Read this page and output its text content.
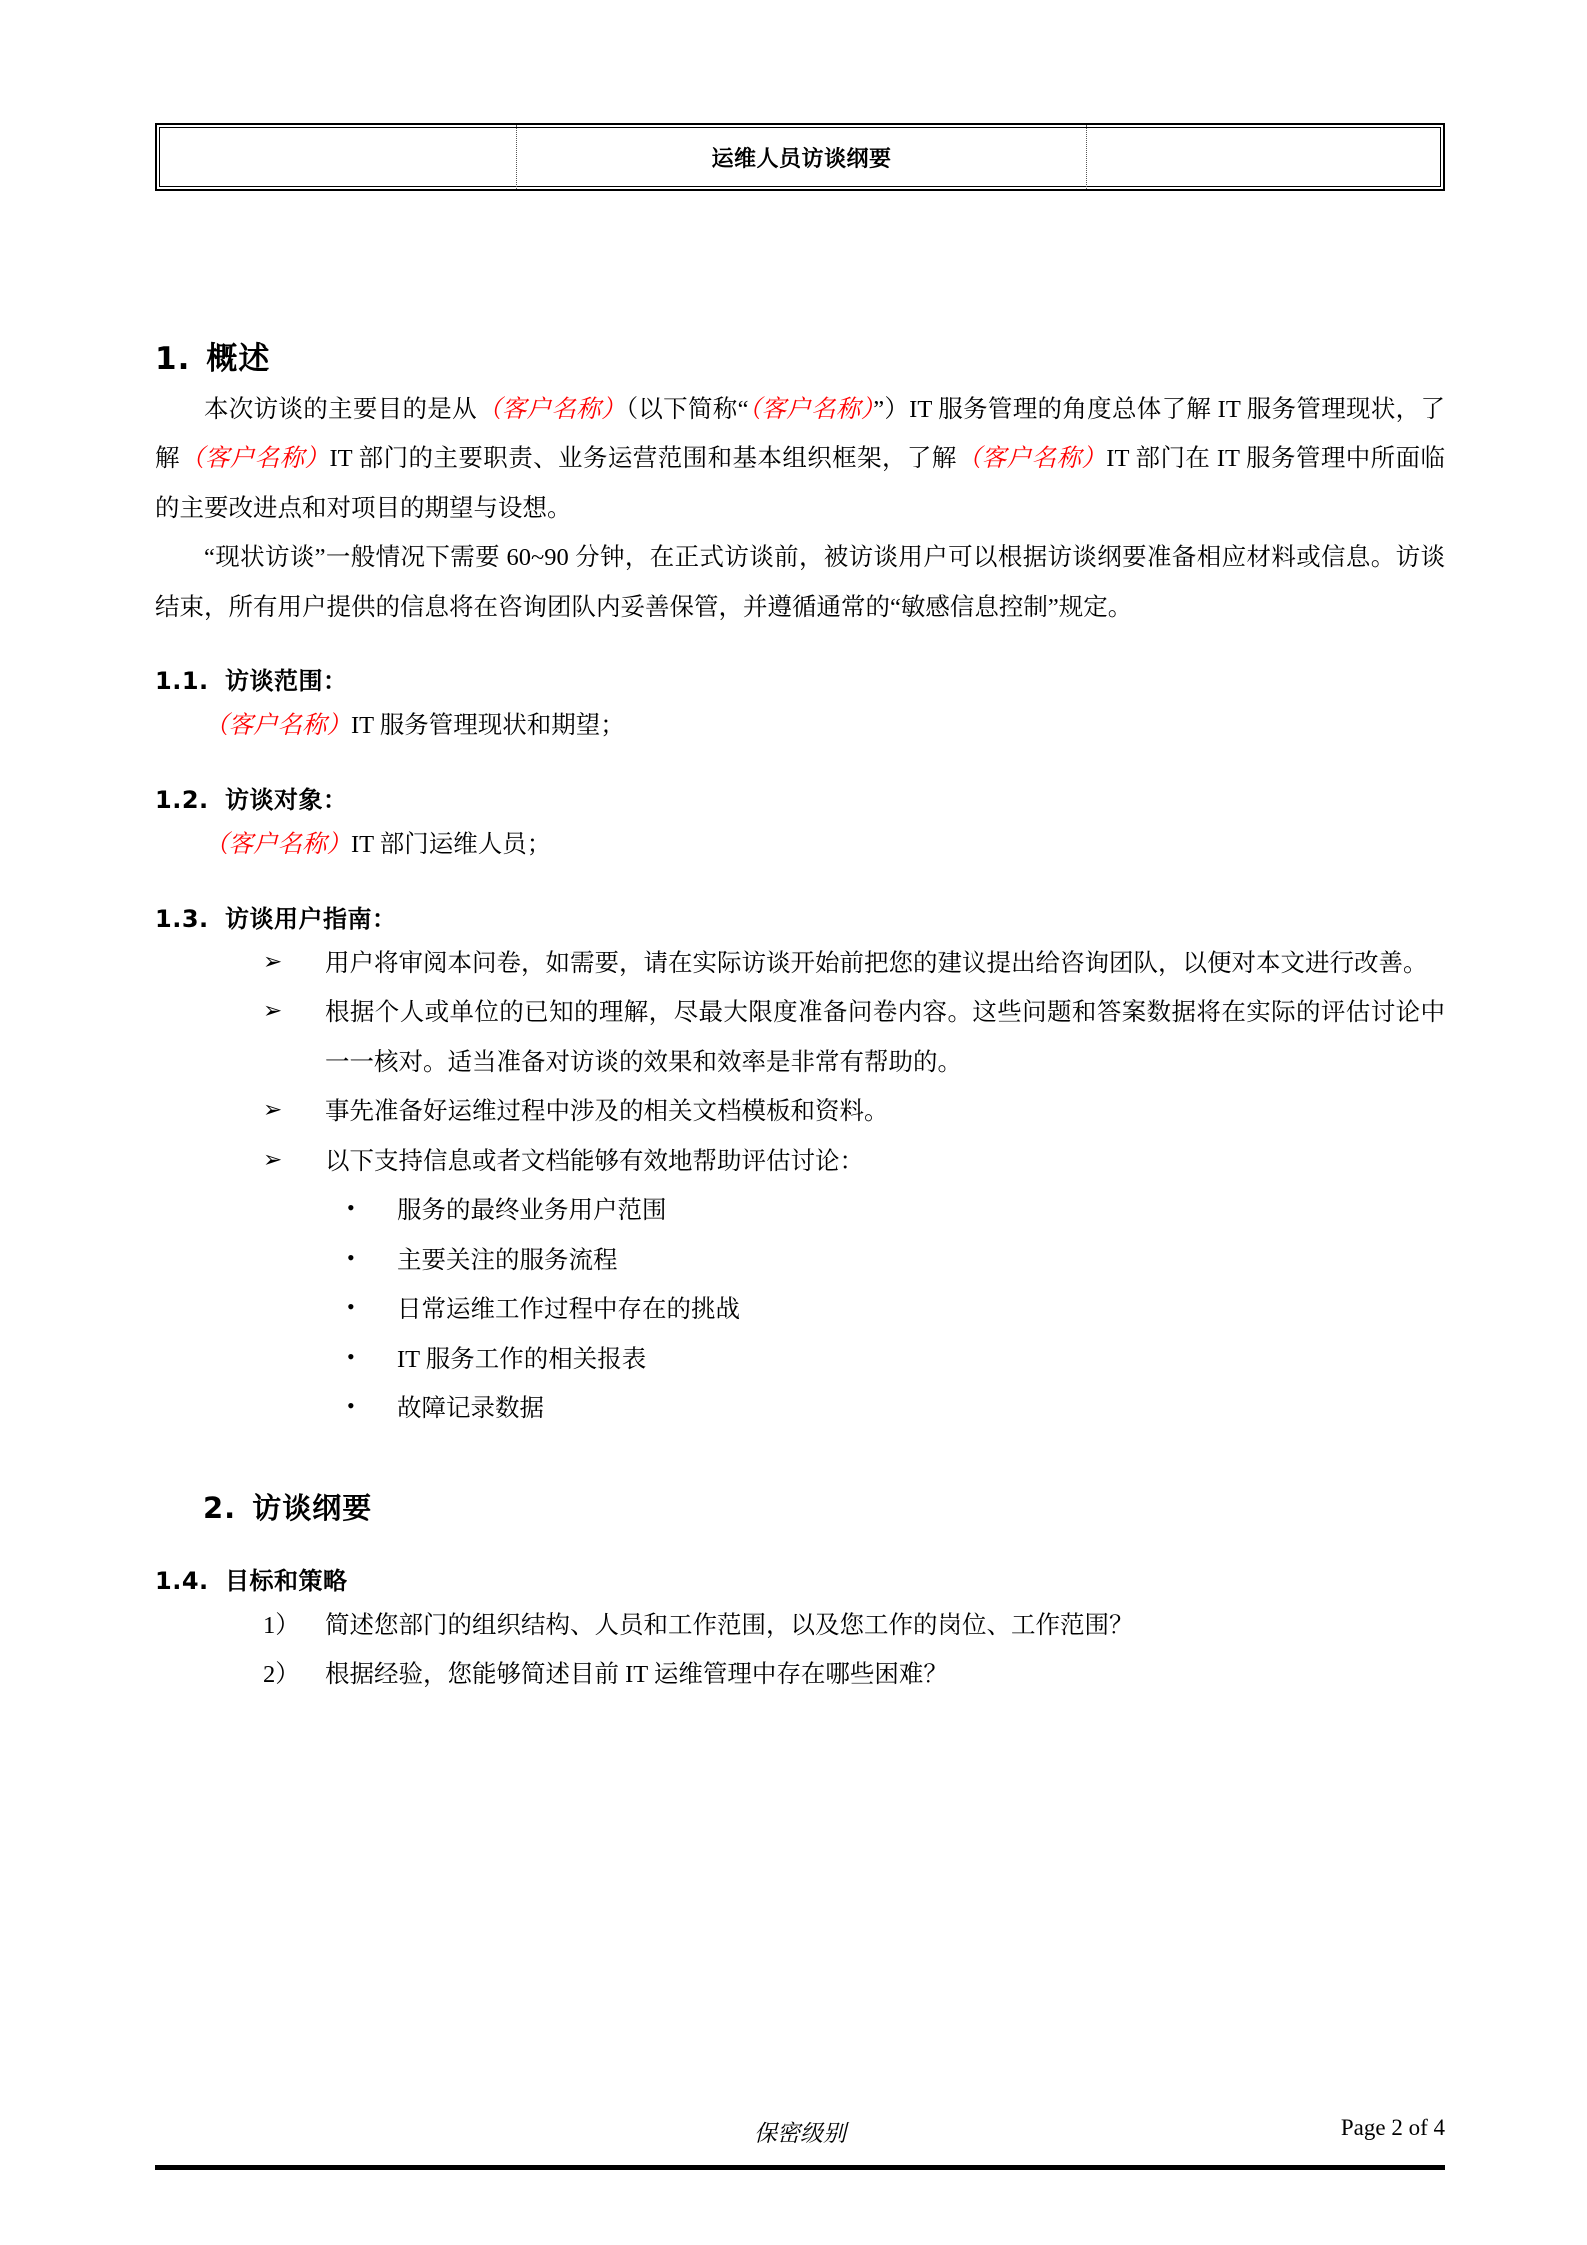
运维人员访谈纲要
1. 概述

本次访谈的主要目的是从（客户名称）（以下简称“（客户名称）”）IT 服务管理的角度总体了解 IT 服务管理现状，了解（客户名称）IT 部门的主要职责、业务运营范围和基本组织框架，了解（客户名称）IT 部门在 IT 服务管理中所面临的主要改进点和对项目的期望与设想。

“现状访谈”一般情况下需要 60~90 分钟，在正式访谈前，被访谈用户可以根据访谈纲要准备相应材料或信息。访谈结束，所有用户提供的信息将在咨询团队内妥善保管，并遵循通常的“敏感信息控制”规定。

1.1. 访谈范围：

（客户名称）IT 服务管理现状和期望；

1.2. 访谈对象：

（客户名称）IT 部门运维人员；

1.3. 访谈用户指南：
➢ 用户将审阅本问卷，如需要，请在实际访谈开始前把您的建议提出给咨询团队，以便对本文进行改善。
➢ 根据个人或单位的已知的理解，尽最大限度准备问卷内容。这些问题和答案数据将在实际的评估讨论中一一核对。适当准备对访谈的效果和效率是非常有帮助的。
➢ 事先准备好运维过程中涉及的相关文档模板和资料。
➢ 以下支持信息或者文档能够有效地帮助评估讨论：
• 服务的最终业务用户范围
• 主要关注的服务流程
• 日常运维工作过程中存在的挑战
• IT 服务工作的相关报表
• 故障记录数据
2. 访谈纲要
1.4. 目标和策略
1） 简述您部门的组织结构、人员和工作范围，以及您工作的岗位、工作范围？
2） 根据经验，您能够简述目前 IT 运维管理中存在哪些困难？
保密级别	Page 2 of 4
